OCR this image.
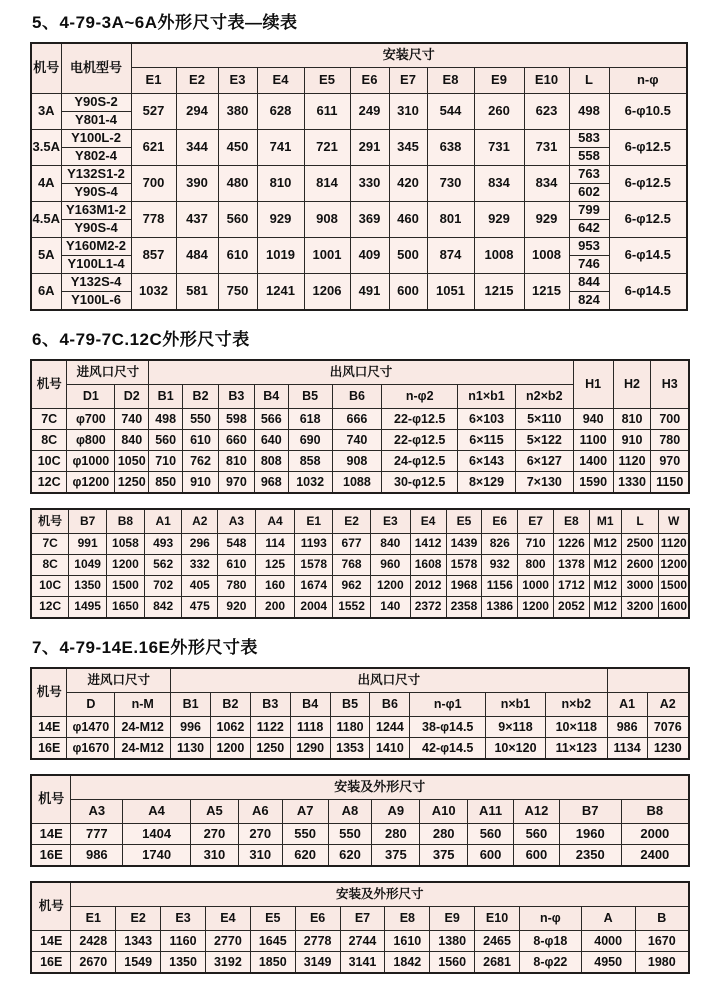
5、4-79-3A~6A外形尺寸表—续表
机号	电机型号	安装尺寸											
		E1	E2	E3	E4	E5	E6	E7	E8	E9	E10	L	n-φ
3A	Y90S-2	527	294	380	628	611	249	310	544	260	623	498	6-φ10.5
	Y801-4												
3.5A	Y100L-2	621	344	450	741	721	291	345	638	731	731	583	6-φ12.5
	Y802-4											558	
4A	Y132S1-2	700	390	480	810	814	330	420	730	834	834	763	6-φ12.5
	Y90S-4											602	
4.5A	Y163M1-2	778	437	560	929	908	369	460	801	929	929	799	6-φ12.5
	Y90S-4											642	
5A	Y160M2-2	857	484	610	1019	1001	409	500	874	1008	1008	953	6-φ14.5
	Y100L1-4											746	
6A	Y132S-4	1032	581	750	1241	1206	491	600	1051	1215	1215	844	6-φ14.5
	Y100L-6											824	
6、4-79-7C.12C外形尺寸表
机号	进风口尺寸		出风口尺寸									H1	H2	H3
	D1	D2	B1	B2	B3	B4	B5	B6	n-φ2	n1×b1	n2×b2			
7C	φ700	740	498	550	598	566	618	666	22-φ12.5	6×103	5×110	940	810	700
8C	φ800	840	560	610	660	640	690	740	22-φ12.5	6×115	5×122	1100	910	780
10C	φ1000	1050	710	762	810	808	858	908	24-φ12.5	6×143	6×127	1400	1120	970
12C	φ1200	1250	850	910	970	968	1032	1088	30-φ12.5	8×129	7×130	1590	1330	1150
机号	B7	B8	A1	A2	A3	A4	E1	E2	E3	E4	E5	E6	E7	E8	M1	L	W
7C	991	1058	493	296	548	114	1193	677	840	1412	1439	826	710	1226	M12	2500	1120
8C	1049	1200	562	332	610	125	1578	768	960	1608	1578	932	800	1378	M12	2600	1200
10C	1350	1500	702	405	780	160	1674	962	1200	2012	1968	1156	1000	1712	M12	3000	1500
12C	1495	1650	842	475	920	200	2004	1552	140	2372	2358	1386	1200	2052	M12	3200	1600
7、4-79-14E.16E外形尺寸表
机号	进风口尺寸		出风口尺寸										
	D	n-M	B1	B2	B3	B4	B5	B6	n-φ1	n×b1	n×b2	A1	A2
14E	φ1470	24-M12	996	1062	1122	1118	1180	1244	38-φ14.5	9×118	10×118	986	7076
16E	φ1670	24-M12	1130	1200	1250	1290	1353	1410	42-φ14.5	10×120	11×123	1134	1230
机号	安装及外形尺寸											
	A3	A4	A5	A6	A7	A8	A9	A10	A11	A12	B7	B8
14E	777	1404	270	270	550	550	280	280	560	560	1960	2000
16E	986	1740	310	310	620	620	375	375	600	600	2350	2400
机号	安装及外形尺寸												
	E1	E2	E3	E4	E5	E6	E7	E8	E9	E10	n-φ	A	B
14E	2428	1343	1160	2770	1645	2778	2744	1610	1380	2465	8-φ18	4000	1670
16E	2670	1549	1350	3192	1850	3149	3141	1842	1560	2681	8-φ22	4950	1980
